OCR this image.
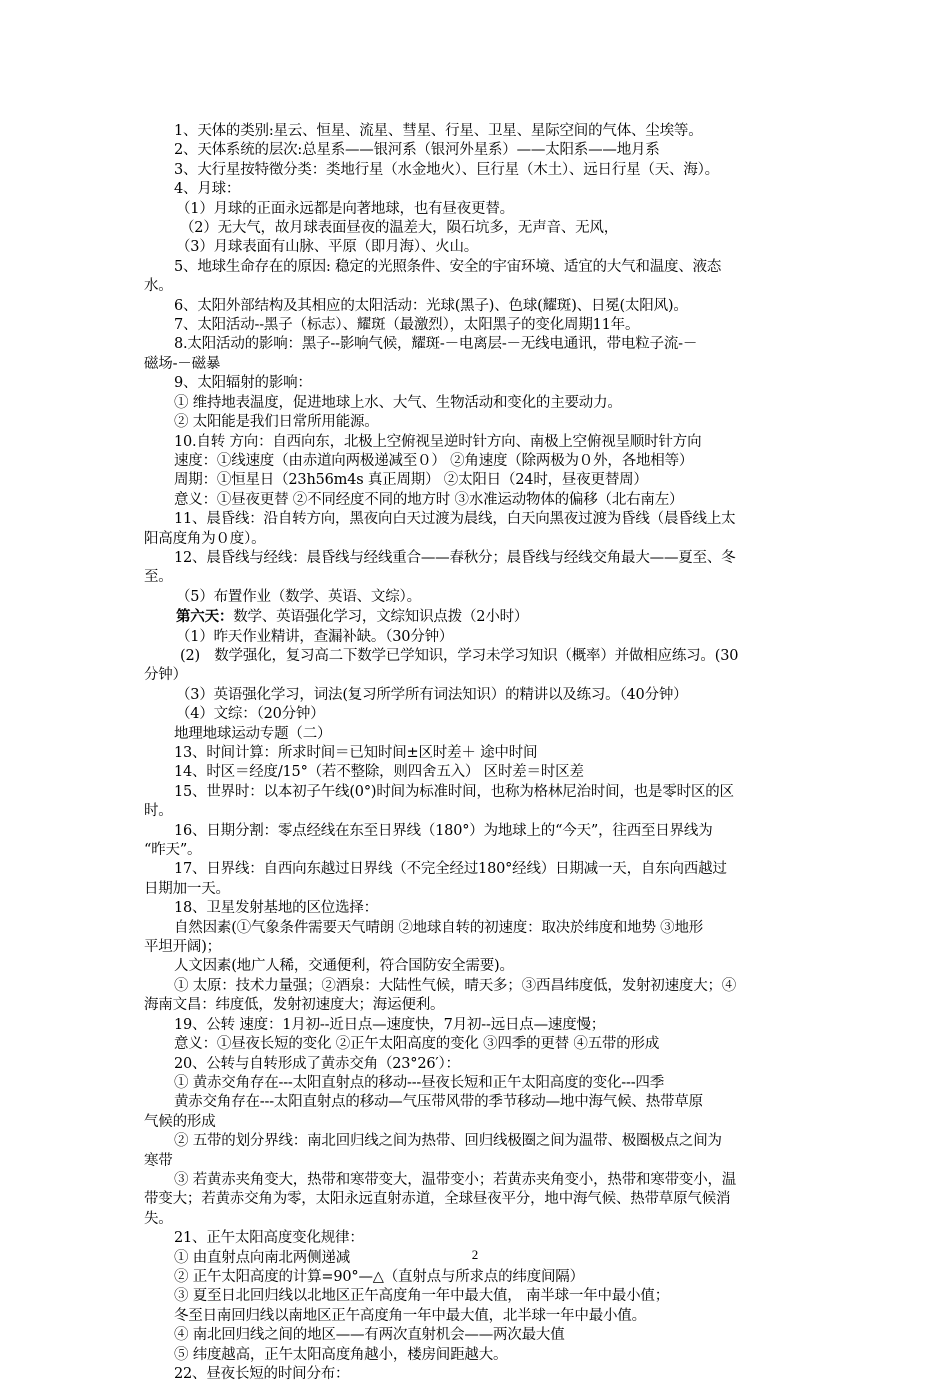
1、天体的类别:星云、恒星、流星、彗星、行星、卫星、星际空间的气体、尘埃等。
2、天体系统的层次:总星系——银河系（银河外星系）——太阳系——地月系
3、大行星按特徵分类：类地行星（水金地火）、巨行星（木土）、远日行星（天、海）。
4、月球：
（1）月球的正面永远都是向著地球，也有昼夜更替。
（2）无大气，故月球表面昼夜的温差大，陨石坑多，无声音、无风，
（3）月球表面有山脉、平原（即月海）、火山。
5、地球生命存在的原因: 稳定的光照条件、安全的宇宙环境、适宜的大气和温度、液态
水。
6、太阳外部结构及其相应的太阳活动：光球(黑子)、色球(耀斑)、日冕(太阳风)。
7、太阳活动--黑子（标志）、耀斑（最激烈），太阳黑子的变化周期11年。
8.太阳活动的影响：黑子--影响气候，耀斑-－电离层-－无线电通讯，带电粒子流-－
磁场-－磁暴
9、太阳辐射的影响：
① 维持地表温度，促进地球上水、大气、生物活动和变化的主要动力。
② 太阳能是我们日常所用能源。
10.自转 方向：自西向东，北极上空俯视呈逆时针方向、南极上空俯视呈顺时针方向
速度：①线速度（由赤道向两极递减至０） ②角速度（除两极为０外，各地相等）
周期：①恒星日（23h56m4s 真正周期） ②太阳日（24时，昼夜更替周）
意义：①昼夜更替 ②不同经度不同的地方时 ③水准运动物体的偏移（北右南左）
11、晨昏线：沿自转方向，黑夜向白天过渡为晨线，白天向黑夜过渡为昏线（晨昏线上太
阳高度角为０度）。
12、晨昏线与经线：晨昏线与经线重合——春秋分；晨昏线与经线交角最大——夏至、冬
至。
（5）布置作业（数学、英语、文综）。
第六天：数学、英语强化学习，文综知识点拨（2小时）
（1）昨天作业精讲，查漏补缺。（30分钟）
(2)　数学强化，复习高二下数学已学知识，学习未学习知识（概率）并做相应练习。(30
分钟）
（3）英语强化学习，词法(复习所学所有词法知识）的精讲以及练习。（40分钟）
（4）文综：（20分钟）
地理地球运动专题（二）
13、时间计算：所求时间＝已知时间±区时差＋ 途中时间
14、时区＝经度/15°（若不整除，则四舍五入） 区时差＝时区差
15、世界时：以本初子午线(0°)时间为标准时间，也称为格林尼治时间，也是零时区的区
时。
16、日期分割：零点经线在东至日界线（180°）为地球上的“今天”，往西至日界线为
“昨天”。
17、日界线：自西向东越过日界线（不完全经过180°经线）日期减一天，自东向西越过
日期加一天。
18、卫星发射基地的区位选择：
自然因素(①气象条件需要天气晴朗 ②地球自转的初速度：取决於纬度和地势 ③地形
平坦开阔)；
人文因素(地广人稀，交通便利，符合国防安全需要)。
① 太原：技术力量强；②酒泉：大陆性气候，晴天多；③西昌纬度低，发射初速度大；④
海南文昌：纬度低，发射初速度大；海运便利。
19、公转 速度：1月初--近日点—速度快，7月初--远日点—速度慢；
意义：①昼夜长短的变化 ②正午太阳高度的变化 ③四季的更替 ④五带的形成
20、公转与自转形成了黄赤交角（23°26′）：
① 黄赤交角存在---太阳直射点的移动---昼夜长短和正午太阳高度的变化---四季
黄赤交角存在---太阳直射点的移动—气压带风带的季节移动—地中海气候、热带草原
气候的形成
② 五带的划分界线：南北回归线之间为热带、回归线极圈之间为温带、极圈极点之间为
寒带
③ 若黄赤夹角变大，热带和寒带变大，温带变小；若黄赤夹角变小，热带和寒带变小，温
带变大；若黄赤交角为零，太阳永远直射赤道，全球昼夜平分，地中海气候、热带草原气候消
失。
21、正午太阳高度变化规律：
① 由直射点向南北两侧递减
② 正午太阳高度的计算=90°—△（直射点与所求点的纬度间隔）
③ 夏至日北回归线以北地区正午高度角一年中最大值， 南半球一年中最小值；
冬至日南回归线以南地区正午高度角一年中最大值，北半球一年中最小值。
④ 南北回归线之间的地区——有两次直射机会——两次最大值
⑤ 纬度越高，正午太阳高度角越小，楼房间距越大。
22、昼夜长短的时间分布：
2
